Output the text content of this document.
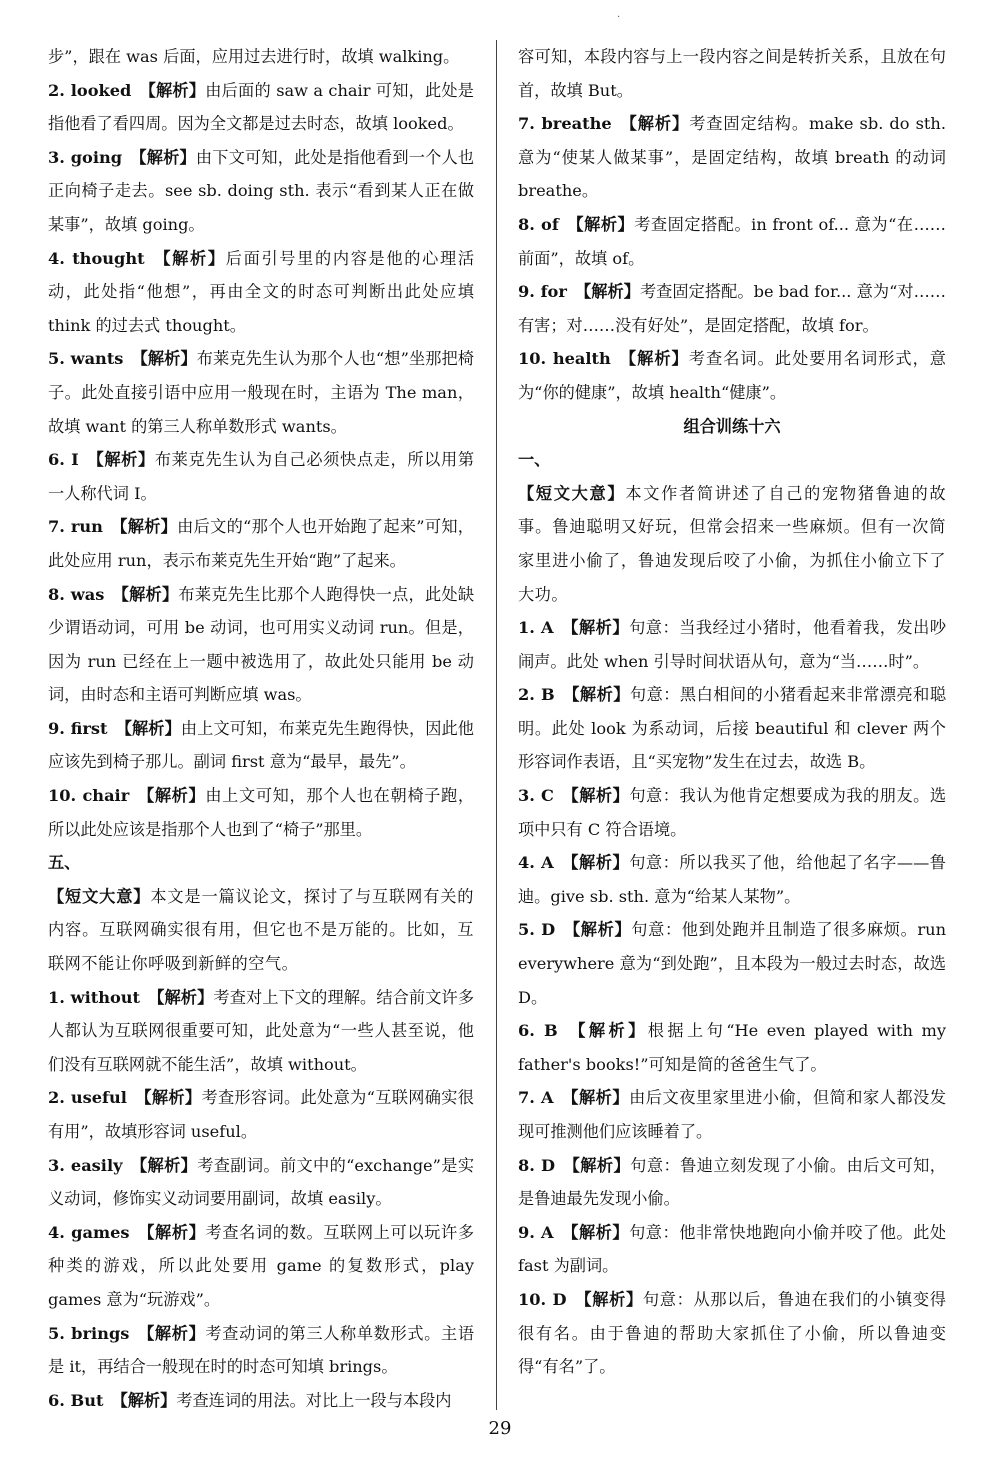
·

步”，跟在 was 后面，应用过去进行时，故填 walking。

2. looked  【解析】由后面的 saw a chair 可知，此处是指他看了看四周。因为全文都是过去时态，故填 looked。

3. going  【解析】由下文可知，此处是指他看到一个人也正向椅子走去。see sb. doing sth. 表示“看到某人正在做某事”，故填 going。

4. thought  【解析】后面引号里的内容是他的心理活动，此处指“他想”，再由全文的时态可判断出此处应填 think 的过去式 thought。

5. wants  【解析】布莱克先生认为那个人也“想”坐那把椅子。此处直接引语中应用一般现在时，主语为 The man，故填 want 的第三人称单数形式 wants。

6. I  【解析】布莱克先生认为自己必须快点走，所以用第一人称代词 I。

7. run  【解析】由后文的“那个人也开始跑了起来”可知，此处应用 run，表示布莱克先生开始“跑”了起来。

8. was  【解析】布莱克先生比那个人跑得快一点，此处缺少谓语动词，可用 be 动词，也可用实义动词 run。但是，因为 run 已经在上一题中被选用了，故此处只能用 be 动词，由时态和主语可判断应填 was。

9. first  【解析】由上文可知，布莱克先生跑得快，因此他应该先到椅子那儿。副词 first 意为“最早，最先”。

10. chair  【解析】由上文可知，那个人也在朝椅子跑，所以此处应该是指那个人也到了“椅子”那里。

五、

【短文大意】本文是一篇议论文，探讨了与互联网有关的内容。互联网确实很有用，但它也不是万能的。比如，互联网不能让你呼吸到新鲜的空气。

1. without  【解析】考查对上下文的理解。结合前文许多人都认为互联网很重要可知，此处意为“一些人甚至说，他们没有互联网就不能生活”，故填 without。

2. useful  【解析】考查形容词。此处意为“互联网确实很有用”，故填形容词 useful。

3. easily  【解析】考查副词。前文中的“exchange”是实义动词，修饰实义动词要用副词，故填 easily。

4. games  【解析】考查名词的数。互联网上可以玩许多种类的游戏，所以此处要用 game 的复数形式，play games 意为“玩游戏”。

5. brings  【解析】考查动词的第三人称单数形式。主语是 it，再结合一般现在时的时态可知填 brings。

6. But  【解析】考查连词的用法。对比上一段与本段内

容可知，本段内容与上一段内容之间是转折关系，且放在句首，故填 But。

7. breathe  【解析】考查固定结构。make sb. do sth. 意为“使某人做某事”，是固定结构，故填 breath 的动词 breathe。

8. of  【解析】考查固定搭配。in front of... 意为“在……前面”，故填 of。

9. for  【解析】考查固定搭配。be bad for... 意为“对……有害；对……没有好处”，是固定搭配，故填 for。

10. health  【解析】考查名词。此处要用名词形式，意为“你的健康”，故填 health“健康”。

组合训练十六

一、

【短文大意】本文作者简讲述了自己的宠物猪鲁迪的故事。鲁迪聪明又好玩，但常会招来一些麻烦。但有一次简家里进小偷了，鲁迪发现后咬了小偷，为抓住小偷立下了大功。

1. A  【解析】句意：当我经过小猪时，他看着我，发出吵闹声。此处 when 引导时间状语从句，意为“当……时”。

2. B  【解析】句意：黑白相间的小猪看起来非常漂亮和聪明。此处 look 为系动词，后接 beautiful 和 clever 两个形容词作表语，且“买宠物”发生在过去，故选 B。

3. C  【解析】句意：我认为他肯定想要成为我的朋友。选项中只有 C 符合语境。

4. A  【解析】句意：所以我买了他，给他起了名字——鲁迪。give sb. sth. 意为“给某人某物”。

5. D  【解析】句意：他到处跑并且制造了很多麻烦。run everywhere 意为“到处跑”，且本段为一般过去时态，故选 D。

6. B  【解析】根据上句“He even played with my father's books!”可知是简的爸爸生气了。

7. A  【解析】由后文夜里家里进小偷，但简和家人都没发现可推测他们应该睡着了。

8. D  【解析】句意：鲁迪立刻发现了小偷。由后文可知，是鲁迪最先发现小偷。

9. A  【解析】句意：他非常快地跑向小偷并咬了他。此处 fast 为副词。

10. D  【解析】句意：从那以后，鲁迪在我们的小镇变得很有名。由于鲁迪的帮助大家抓住了小偷，所以鲁迪变得“有名”了。

29
